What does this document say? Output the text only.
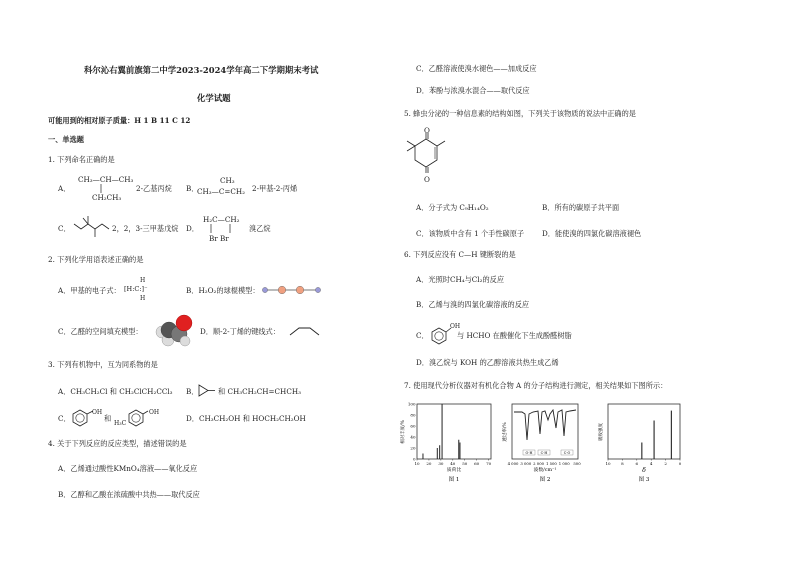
科尔沁右翼前旗第二中学2023-2024学年高二下学期期末考试
化学试题
可能用到的相对原子质量：H 1 B 11 C 12
一、单选题
1. 下列命名正确的是
A．
CH₃—CH—CH₃
CH₂CH₃
2-乙基丙烷 B．
CH₃
CH₃—C=CH₂ 2-甲基-2-丙烯
C．	2，2，3-三甲基戊烷 D．
H₂C—CH₂
Br Br
溴乙烷
2. 下列化学用语表述正确的是
A．甲基的电子式：
H
[H:C:]⁻
H
B．H₂O₂的球棍模型：
C．乙醛的空间填充模型：	D．顺-2-丁烯的键线式：
3. 下列有机物中，互为同系物的是
A．CH₃CH₂Cl 和 CH₂ClCH₂CCl₃ B．	和 CH₃CH₂CH=CHCH₃
C．
OH
和
H₃C
OH
D．CH₃CH₂OH 和 HOCH₂CH₂OH
4. 关于下列反应的反应类型，描述错误的是
A．乙烯通过酸性KMnO₄溶液——氧化反应
B．乙醇和乙酸在浓硫酸中共热——取代反应
C．乙醛溶液使溴水褪色——加成反应
D．苯酚与浓溴水混合——取代反应
5. 蜂虫分泌的一种信息素的结构如图，下列关于该物质的说法中正确的是
O
O
A．分子式为 C₉H₁₄O₂	B．所有的碳原子共平面
C．该物质中含有 1 个手性碳原子 D．能使溴的四氯化碳溶液褪色
6. 下列反应没有 C—H 键断裂的是
A．光照时CH₄与Cl₂的反应
B．乙烯与溴的四氯化碳溶液的反应
C．
OH
与 HCHO 在酸催化下生成酚醛树脂
D．溴乙烷与 KOH 的乙醇溶液共热生成乙烯
7. 使用现代分析仪器对有机化合物 A 的分子结构进行测定，相关结果如下图所示：
相对丰度/%
100
80
60
40
20
0
10 20 30 40 50 60 70
质荷比
图 1
透过率/%
O-H C-H	C-O
4 000 3 000 2 000 1 500 1 000 500
波数/cm⁻¹
图 2
吸收强度
10	8	6	4	2	0
δ
图 3
